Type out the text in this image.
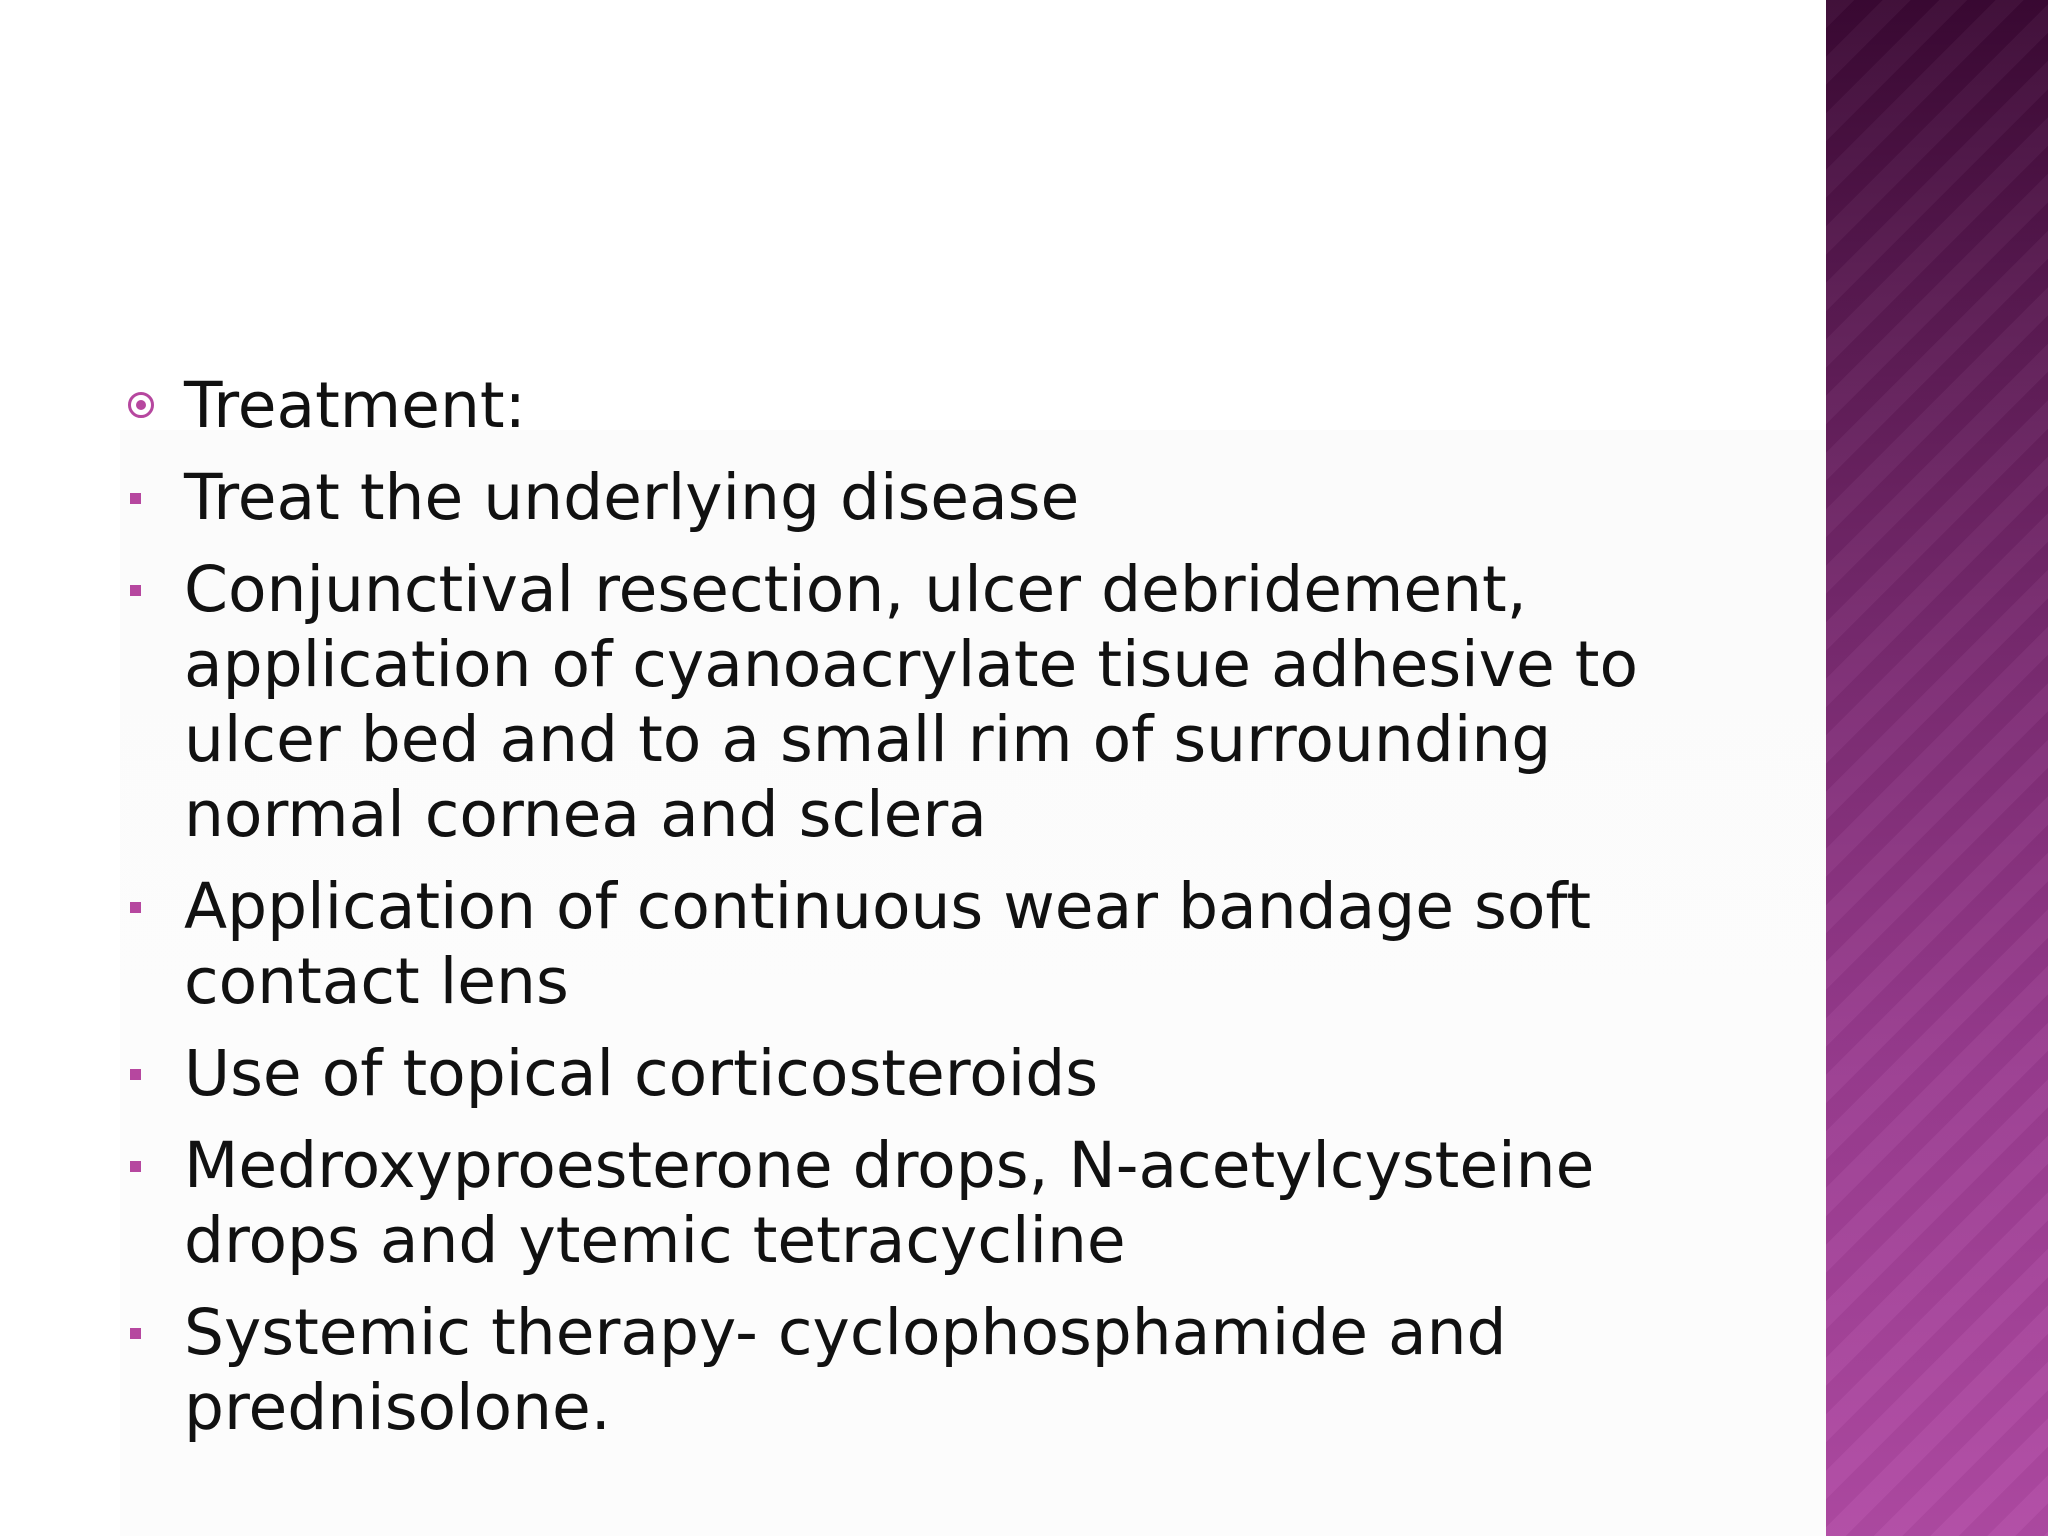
Treatment:
Treat the underlying disease
Conjunctival resection, ulcer debridement, application of cyanoacrylate tisue adhesive to ulcer bed and to a small rim of surrounding normal cornea and sclera
Application of continuous wear bandage soft contact lens
Use of topical corticosteroids
Medroxyproesterone drops, N-acetylcysteine drops and ytemic tetracycline
Systemic therapy- cyclophosphamide and prednisolone.
